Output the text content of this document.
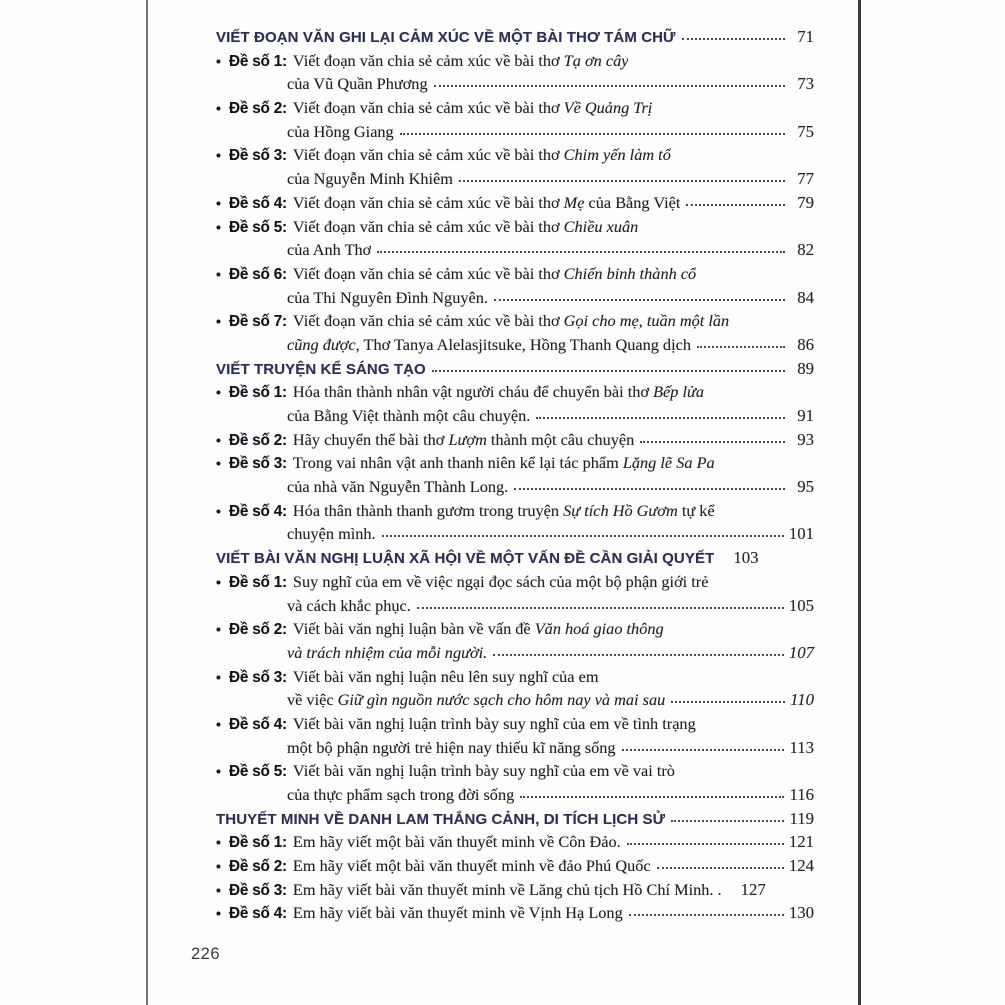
VIẾT ĐOẠN VĂN GHI LẠI CẢM XÚC VỀ MỘT BÀI THƠ TÁM CHỮ	71
• Đề số 1: Viết đoạn văn chia sẻ cảm xúc về bài thơ Tạ ơn cây
của Vũ Quần Phương	73
• Đề số 2: Viết đoạn văn chia sẻ cảm xúc về bài thơ Về Quảng Trị
của Hồng Giang	75
• Đề số 3: Viết đoạn văn chia sẻ cảm xúc về bài thơ Chim yến làm tổ
của Nguyễn Minh Khiêm	77
• Đề số 4: Viết đoạn văn chia sẻ cảm xúc về bài thơ Mẹ của Bằng Việt	79
• Đề số 5: Viết đoạn văn chia sẻ cảm xúc về bài thơ Chiều xuân
của Anh Thơ	82
• Đề số 6: Viết đoạn văn chia sẻ cảm xúc về bài thơ Chiến binh thành cổ
của Thi Nguyên Đình Nguyên.	84
• Đề số 7: Viết đoạn văn chia sẻ cảm xúc về bài thơ Gọi cho mẹ, tuần một lần
cũng được, Thơ Tanya Alelasjitsuke, Hồng Thanh Quang dịch	86
VIẾT TRUYỆN KỂ SÁNG TẠO	89
• Đề số 1: Hóa thân thành nhân vật người cháu để chuyển bài thơ Bếp lửa
của Bằng Việt thành một câu chuyện.	91
• Đề số 2: Hãy chuyển thể bài thơ Lượm thành một câu chuyện	93
• Đề số 3: Trong vai nhân vật anh thanh niên kể lại tác phẩm Lặng lẽ Sa Pa
của nhà văn Nguyễn Thành Long.	95
• Đề số 4: Hóa thân thành thanh gươm trong truyện Sự tích Hồ Gươm tự kể
chuyện mình.	101
VIẾT BÀI VĂN NGHỊ LUẬN XÃ HỘI VỀ MỘT VẤN ĐỀ CẦN GIẢI QUYẾT 103
• Đề số 1: Suy nghĩ của em về việc ngại đọc sách của một bộ phận giới trẻ
và cách khắc phục.	105
• Đề số 2: Viết bài văn nghị luận bàn về vấn đề Văn hoá giao thông
và trách nhiệm của mỗi người.	107
• Đề số 3: Viết bài văn nghị luận nêu lên suy nghĩ của em
về việc Giữ gìn nguồn nước sạch cho hôm nay và mai sau	110
• Đề số 4: Viết bài văn nghị luận trình bày suy nghĩ của em về tình trạng
một bộ phận người trẻ hiện nay thiếu kĩ năng sống	113
• Đề số 5: Viết bài văn nghị luận trình bày suy nghĩ của em về vai trò
của thực phẩm sạch trong đời sống	116
THUYẾT MINH VỀ DANH LAM THẮNG CẢNH, DI TÍCH LỊCH SỬ	119
• Đề số 1: Em hãy viết một bài văn thuyết minh về Côn Đảo.	121
• Đề số 2: Em hãy viết một bài văn thuyết minh về đảo Phú Quốc	124
• Đề số 3: Em hãy viết bài văn thuyết minh về Lăng chủ tịch Hồ Chí Minh. . 127
• Đề số 4: Em hãy viết bài văn thuyết minh về Vịnh Hạ Long	130
226
